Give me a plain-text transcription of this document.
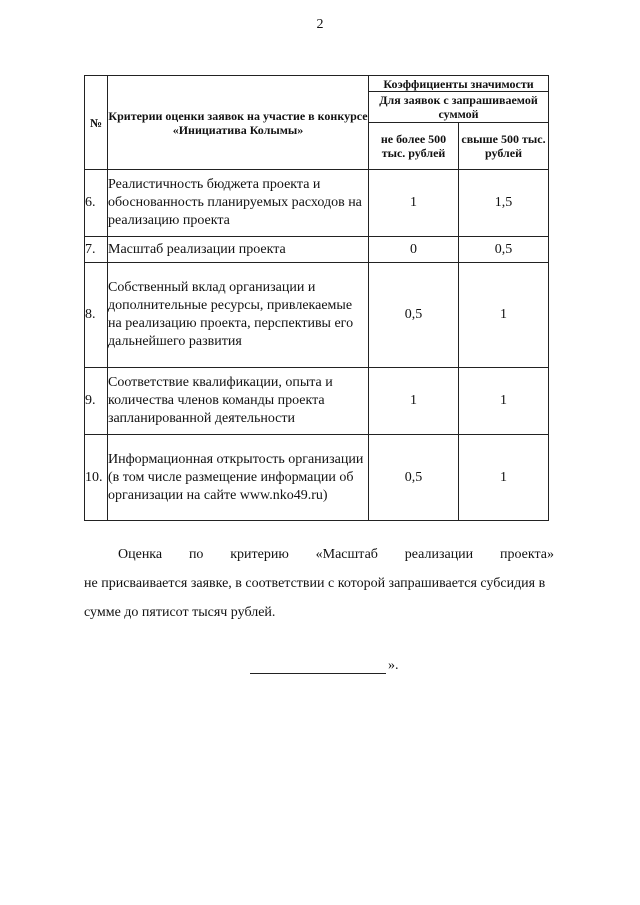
2
№	Критерии оценки заявок на участие в конкурсе «Инициатива Колымы»	Коэффициенты значимости	
		Для заявок с запрашиваемой суммой	
		не более 500 тыс. рублей	свыше 500 тыс. рублей
6.	Реалистичность бюджета проекта и обоснованность планируемых расходов на реализацию проекта	1	1,5
7.	Масштаб реализации проекта	0	0,5
8.	Собственный вклад организации и дополнительные ресурсы, привлекаемые на реализацию проекта, перспективы его дальнейшего развития	0,5	1
9.	Соответствие квалификации, опыта и количества членов команды проекта запланированной деятельности	1	1
10.	Информационная открытость организации (в том числе размещение информации об организации на сайте www.nko49.ru)	0,5	1
Оценка по критерию «Масштаб реализации проекта»
не присваивается заявке, в соответствии с которой запрашивается субсидия в сумме до пятисот тысяч рублей.
».
